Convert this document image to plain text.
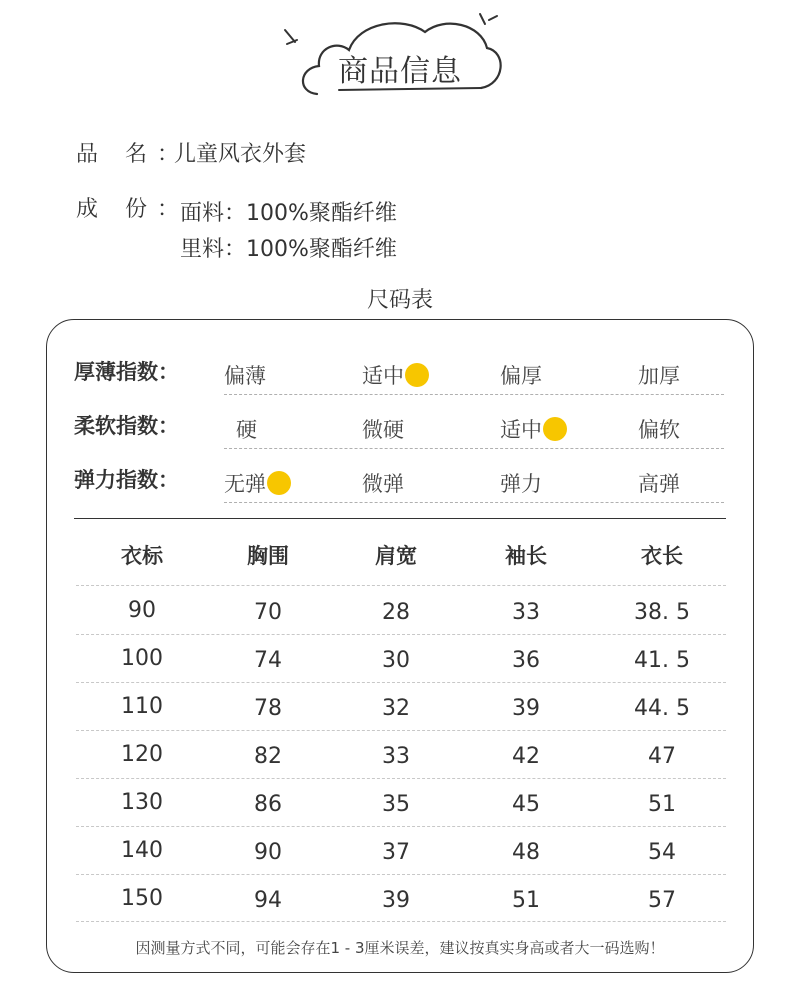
商品信息
品 名：
儿童风衣外套
成 份：
面料：100%聚酯纤维
里料：100%聚酯纤维
尺码表
厚薄指数： 偏薄	适中	偏厚	加厚
柔软指数：	硬	微硬	适中	偏软
弹力指数： 无弹	微弹	弹力	高弹
衣标	胸围	肩宽	袖长	衣长
90	70	28	33	38. 5
100	74	30	36	41. 5
110	78	32	39	44. 5
120	82	33	42	47
130	86	35	45	51
140	90	37	48	54
150	94	39	51	57
因测量方式不同，可能会存在1 - 3厘米误差，建议按真实身高或者大一码选购！
